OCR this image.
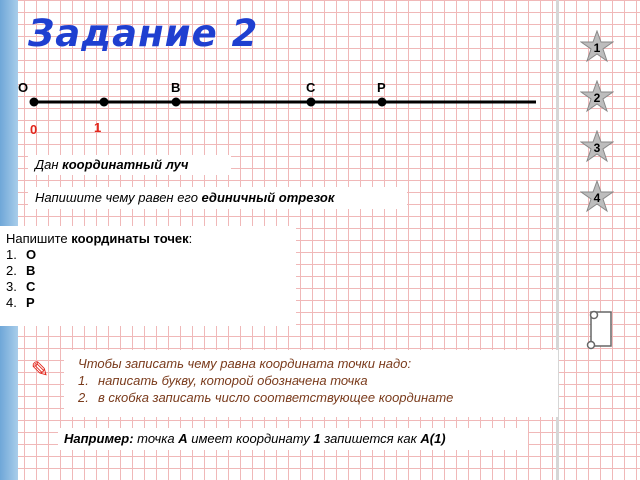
Задание 2	1
2
3
4
O	B	C	P
0	1
Дан координатный луч
Напишите чему равен его единичный отрезок
Напишите координаты точек:
1. О
2. В
3. С
4. Р
✎ Чтобы записать чему равна координата точки надо:
1. написать букву, которой обозначена точка
2. в скобка записать число соответствующее координате
Например: точка А имеет координату 1 запишется как А(1)
